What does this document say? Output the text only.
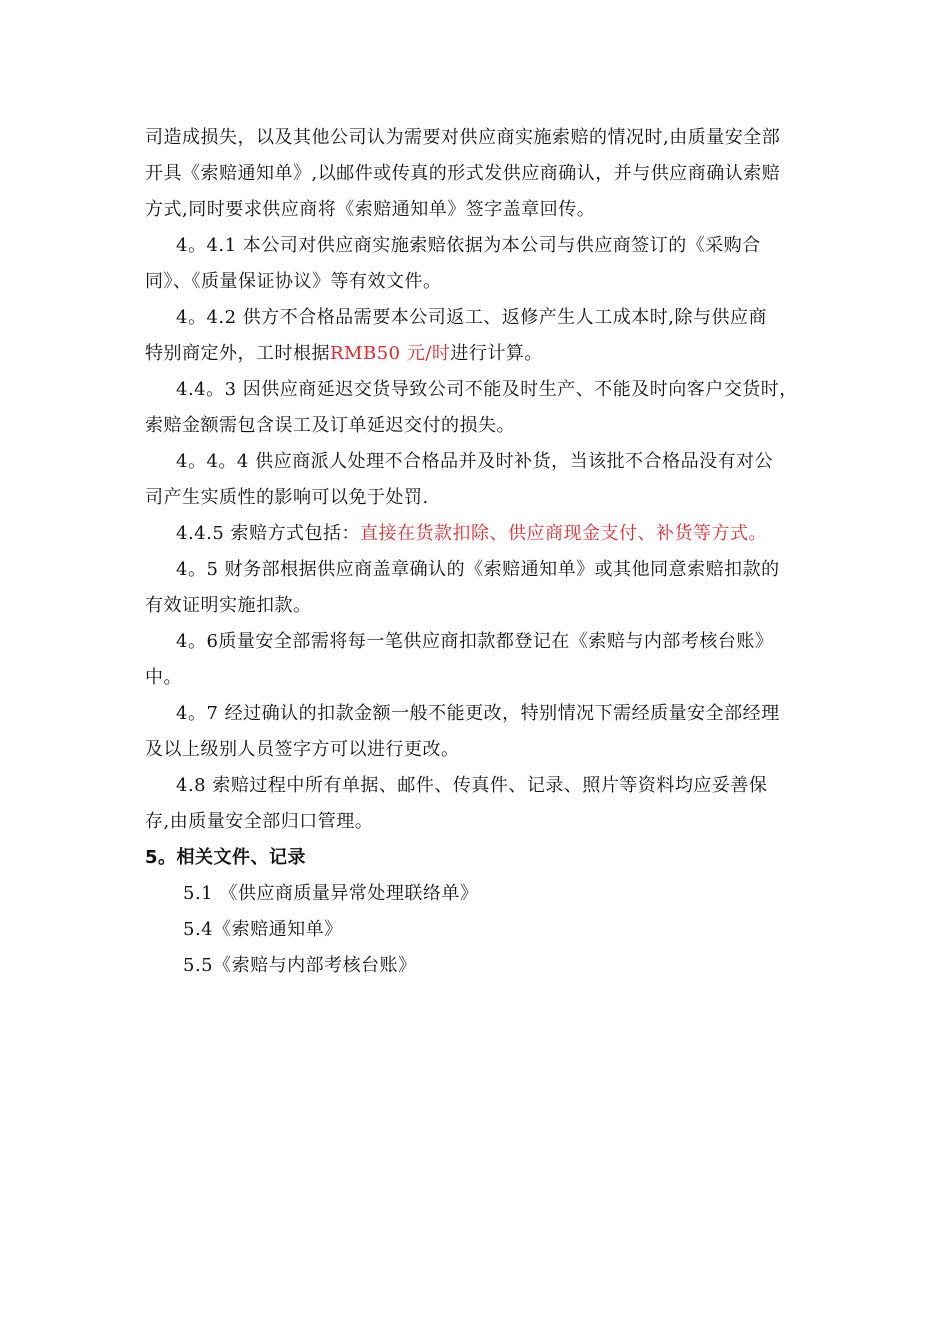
司造成损失，以及其他公司认为需要对供应商实施索赔的情况时,由质量安全部
开具《索赔通知单》,以邮件或传真的形式发供应商确认，并与供应商确认索赔
方式,同时要求供应商将《索赔通知单》签字盖章回传。
4。4.1 本公司对供应商实施索赔依据为本公司与供应商签订的《采购合
同》、《质量保证协议》等有效文件。
4。4.2 供方不合格品需要本公司返工、返修产生人工成本时,除与供应商
特别商定外，工时根据RMB50 元/时进行计算。
4.4。3 因供应商延迟交货导致公司不能及时生产、不能及时向客户交货时，
索赔金额需包含误工及订单延迟交付的损失。
4。4。4 供应商派人处理不合格品并及时补货，当该批不合格品没有对公
司产生实质性的影响可以免于处罚.
4.4.5 索赔方式包括：直接在货款扣除、供应商现金支付、补货等方式。
4。5 财务部根据供应商盖章确认的《索赔通知单》或其他同意索赔扣款的
有效证明实施扣款。
4。6质量安全部需将每一笔供应商扣款都登记在《索赔与内部考核台账》
中。
4。7 经过确认的扣款金额一般不能更改，特别情况下需经质量安全部经理
及以上级别人员签字方可以进行更改。
4.8 索赔过程中所有单据、邮件、传真件、记录、照片等资料均应妥善保
存,由质量安全部归口管理。
5。相关文件、记录
5.1 《供应商质量异常处理联络单》
5.4《索赔通知单》
5.5《索赔与内部考核台账》
